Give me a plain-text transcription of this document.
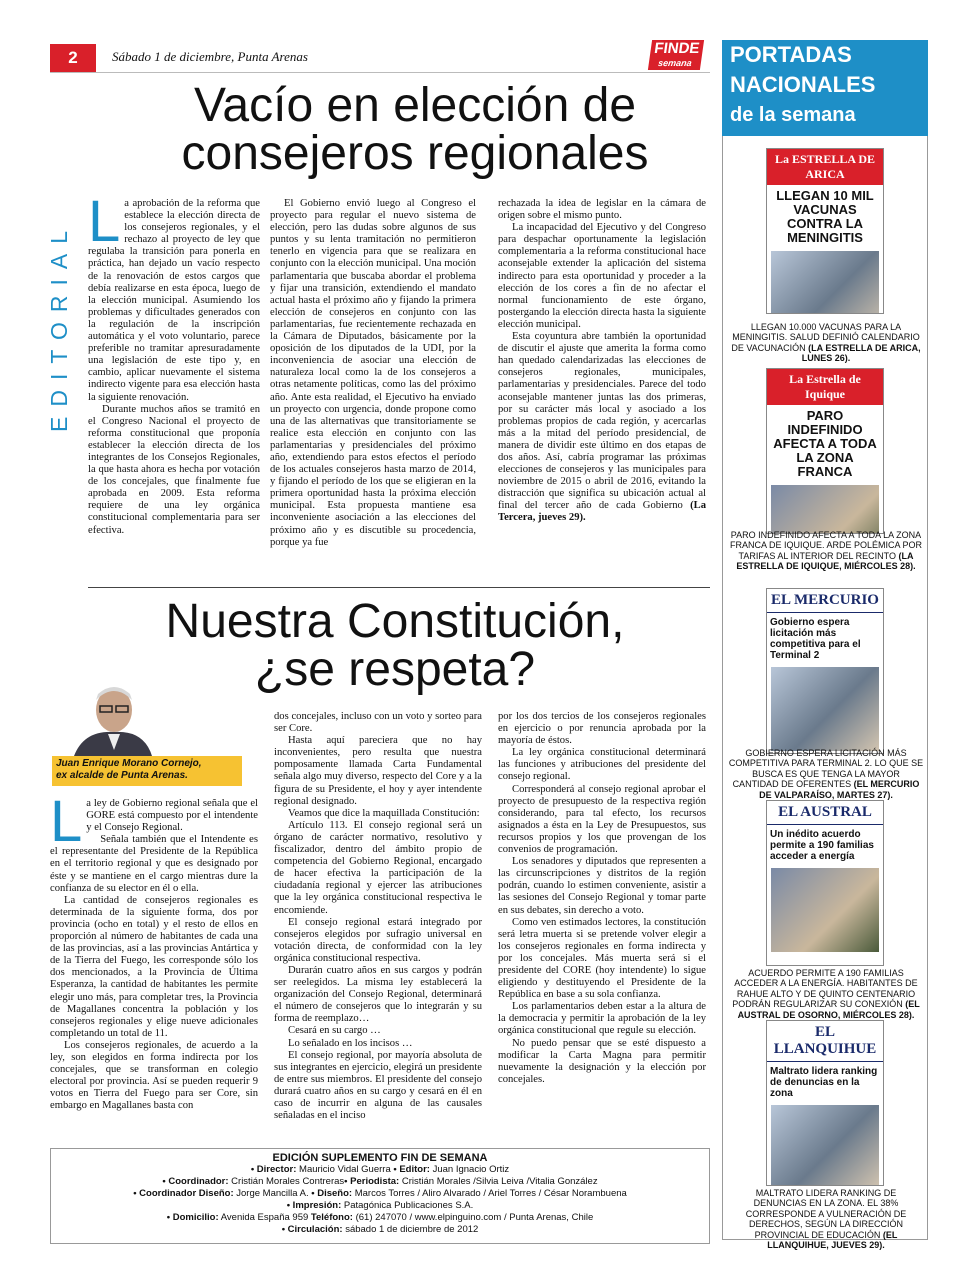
2	Sábado 1 de diciembre, Punta Arenas	FINDE
semana
EDITORIAL
Vacío en elección de
consejeros regionales
L a aprobación de la reforma que establece la elección directa de los consejeros regionales, y el rechazo al proyecto de ley que regulaba la transición para ponerla en práctica, han dejado un vacío respecto de la renovación de estos cargos que debía realizarse en esta época, luego de la elección municipal. Asumiendo los problemas y dificultades generados con la regulación de la inscripción automática y el voto voluntario, parece preferible no tramitar apresuradamente una legislación de este tipo y, en cambio, aplicar nuevamente el sistema indirecto vigente para esa elección hasta la siguiente renovación.

Durante muchos años se tramitó en el Congreso Nacional el proyecto de reforma constitucional que proponía establecer la elección directa de los integrantes de los Consejos Regionales, la que hasta ahora es hecha por votación de los concejales, que finalmente fue aprobada en 2009. Esta reforma requiere de una ley orgánica constitucional complementaria para ser efectiva.

El Gobierno envió luego al Congreso el proyecto para regular el nuevo sistema de elección, pero las dudas sobre algunos de sus puntos y su lenta tramitación no permitieron tenerlo en vigencia para que se realizara en conjunto con la elección municipal. Una moción parlamentaria que buscaba abordar el problema y fijar una transición, extendiendo el mandato actual hasta el próximo año y fijando la primera elección de consejeros en conjunto con las parlamentarias, fue recientemente rechazada en la Cámara de Diputados, básicamente por la oposición de los diputados de la UDI, por la inconveniencia de asociar una elección de naturaleza local como la de los consejeros a otras netamente políticas, como las del próximo año. Ante esta realidad, el Ejecutivo ha enviado un proyecto con urgencia, donde propone como una de las alternativas que transitoriamente se realice esta elección en conjunto con las parlamentarias y presidenciales del próximo año, extendiendo para estos efectos el período de los actuales consejeros hasta marzo de 2014, y fijando el período de los que se eligieran en la primera oportunidad hasta la próxima elección municipal. Esta propuesta mantiene esa inconveniente asociación a las elecciones del próximo año y es discutible su procedencia, porque ya fue

rechazada la idea de legislar en la cámara de origen sobre el mismo punto.

La incapacidad del Ejecutivo y del Congreso para despachar oportunamente la legislación complementaria a la reforma constitucional hace aconsejable extender la aplicación del sistema indirecto para esta oportunidad y proceder a la elección de los cores a fin de no afectar el normal funcionamiento de este órgano, postergando la elección directa hasta la siguiente elección municipal.

Esta coyuntura abre también la oportunidad de discutir el ajuste que amerita la forma como han quedado calendarizadas las elecciones de consejeros regionales, municipales, parlamentarias y presidenciales. Parece del todo aconsejable mantener juntas las dos primeras, por su carácter más local y asociado a los problemas propios de cada región, y acercarlas más a la mitad del período presidencial, de manera de dividir este último en dos etapas de dos años. Así, cabría programar las próximas elecciones de consejeros y las municipales para noviembre de 2015 o abril de 2016, evitando la distracción que significa su ubicación actual al final del tercer año de cada Gobierno (La Tercera, jueves 29).

Nuestra Constitución,
¿se respeta?
Juan Enrique Morano Cornejo,
ex alcalde de Punta Arenas.
L a ley de Gobierno regional señala que el GORE está compuesto por el intendente y el Consejo Regional.

Señala también que el Intendente es el representante del Presidente de la República en el territorio regional y que es designado por éste y se mantiene en el cargo mientras dure la confianza de su elector en él o ella.

La cantidad de consejeros regionales es determinada de la siguiente forma, dos por provincia (ocho en total) y el resto de ellos en proporción al número de habitantes de cada una de las provincias, así a las provincias Antártica y de la Tierra del Fuego, les corresponde sólo los dos mencionados, a la Provincia de Última Esperanza, la cantidad de habitantes les permite elegir uno más, para completar tres, la Provincia de Magallanes concentra la población y los consejeros regionales y elige nueve adicionales completando un total de 11.

Los consejeros regionales, de acuerdo a la ley, son elegidos en forma indirecta por los concejales, que se transforman en colegio electoral por provincia. Así se pueden requerir 9 votos en Tierra del Fuego para ser Core, sin embargo en Magallanes basta con

dos concejales, incluso con un voto y sorteo para ser Core.

Hasta aquí pareciera que no hay inconvenientes, pero resulta que nuestra pomposamente llamada Carta Fundamental señala algo muy diverso, respecto del Core y a la figura de su Presidente, el hoy y ayer intendente regional designado.

Veamos que dice la maquillada Constitución:

Artículo 113. El consejo regional será un órgano de carácter normativo, resolutivo y fiscalizador, dentro del ámbito propio de competencia del Gobierno Regional, encargado de hacer efectiva la participación de la ciudadanía regional y ejercer las atribuciones que la ley orgánica constitucional respectiva le encomiende.

El consejo regional estará integrado por consejeros elegidos por sufragio universal en votación directa, de conformidad con la ley orgánica constitucional respectiva.

Durarán cuatro años en sus cargos y podrán ser reelegidos. La misma ley establecerá la organización del Consejo Regional, determinará el número de consejeros que lo integrarán y su forma de reemplazo…

Cesará en su cargo …

Lo señalado en los incisos …

El consejo regional, por mayoría absoluta de sus integrantes en ejercicio, elegirá un presidente de entre sus miembros. El presidente del consejo durará cuatro años en su cargo y cesará en él en caso de incurrir en alguna de las causales señaladas en el inciso

por los dos tercios de los consejeros regionales en ejercicio o por renuncia aprobada por la mayoría de éstos.

La ley orgánica constitucional determinará las funciones y atribuciones del presidente del consejo regional.

Corresponderá al consejo regional aprobar el proyecto de presupuesto de la respectiva región considerando, para tal efecto, los recursos asignados a ésta en la Ley de Presupuestos, sus recursos propios y los que provengan de los convenios de programación.

Los senadores y diputados que representen a las circunscripciones y distritos de la región podrán, cuando lo estimen conveniente, asistir a las sesiones del Consejo Regional y tomar parte en sus debates, sin derecho a voto.

Como ven estimados lectores, la constitución será letra muerta si se pretende volver elegir a los consejeros regionales en forma indirecta y por los concejales. Más muerta será si el presidente del CORE (hoy intendente) lo sigue eligiendo y destituyendo el Presidente de la República en base a su sola confianza.

Los parlamentarios deben estar a la altura de la democracia y permitir la aprobación de la ley orgánica constitucional que regule su elección.

No puedo pensar que se esté dispuesto a modificar la Carta Magna para permitir nuevamente la designación y la elección por concejales.

EDICIÓN SUPLEMENTO FIN DE SEMANA
• Director: Mauricio Vidal Guerra • Editor: Juan Ignacio Ortiz
• Coordinador: Cristián Morales Contreras• Periodista: Cristián Morales /Silvia Leiva /Vitalia González
• Coordinador Diseño: Jorge Mancilla A. • Diseño: Marcos Torres / Aliro Alvarado / Ariel Torres / César Norambuena
• Impresión: Patagónica Publicaciones S.A.
• Domicilio: Avenida España 959 Teléfono: (61) 247070 / www.elpinguino.com / Punta Arenas, Chile
• Circulación: sábado 1 de diciembre de 2012
PORTADAS
NACIONALES
de la semana
La ESTRELLA DE ARICA
LLEGAN 10 MIL VACUNAS CONTRA LA MENINGITIS
LLEGAN 10.000 VACUNAS PARA LA MENINGITIS. SALUD DEFINIÓ CALENDARIO DE VACUNACIÓN (LA ESTRELLA DE ARICA, LUNES 26).
La Estrella de Iquique
PARO INDEFINIDO AFECTA A TODA LA ZONA FRANCA
PARO INDEFINIDO AFECTA A TODA LA ZONA FRANCA DE IQUIQUE. ARDE POLÉMICA POR TARIFAS AL INTERIOR DEL RECINTO (LA ESTRELLA DE IQUIQUE, MIÉRCOLES 28).
EL MERCURIO
Gobierno espera licitación más competitiva para el Terminal 2
GOBIERNO ESPERA LICITACIÓN MÁS COMPETITIVA PARA TERMINAL 2. LO QUE SE BUSCA ES QUE TENGA LA MAYOR CANTIDAD DE OFERENTES (EL MERCURIO DE VALPARAÍSO, MARTES 27).
EL AUSTRAL
Un inédito acuerdo permite a 190 familias acceder a energía
ACUERDO PERMITE A 190 FAMILIAS ACCEDER A LA ENERGÍA. HABITANTES DE RAHUE ALTO Y DE QUINTO CENTENARIO PODRÁN REGULARIZAR SU CONEXIÓN (EL AUSTRAL DE OSORNO, MIÉRCOLES 28).
EL LLANQUIHUE
Maltrato lidera ranking de denuncias en la zona
MALTRATO LIDERA RANKING DE DENUNCIAS EN LA ZONA. EL 38% CORRESPONDE A VULNERACIÓN DE DERECHOS, SEGÚN LA DIRECCIÓN PROVINCIAL DE EDUCACIÓN (EL LLANQUIHUE, JUEVES 29).
